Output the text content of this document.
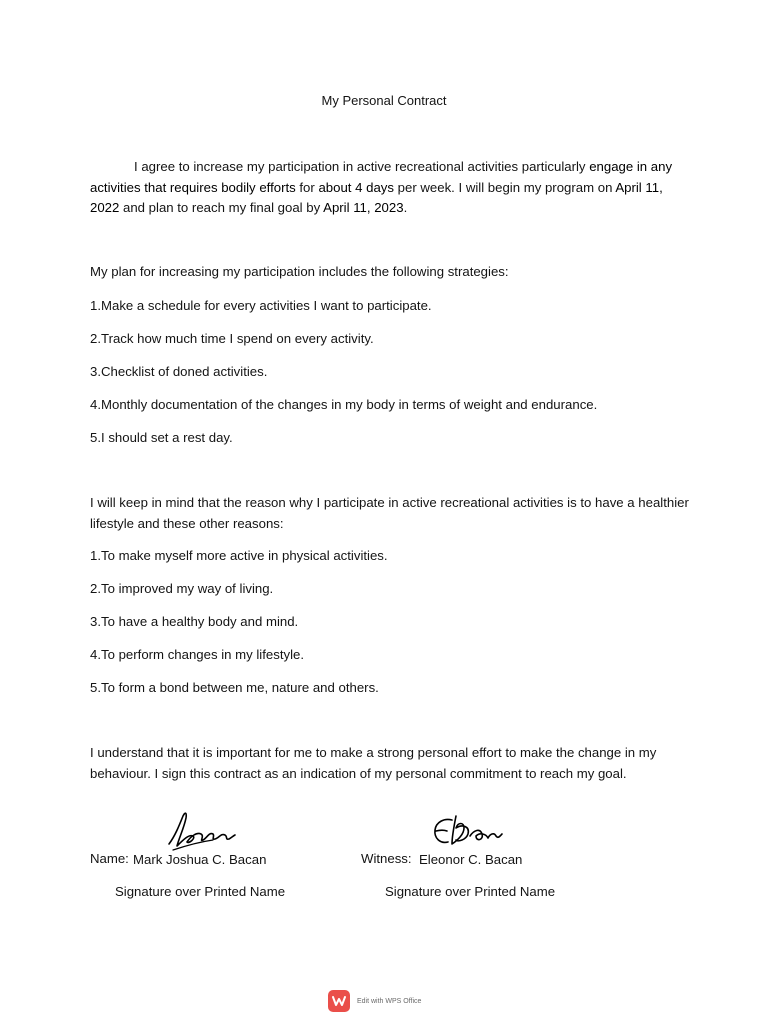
My Personal Contract
I agree to increase my participation in active recreational activities particularly engage in any activities that requires bodily efforts for about 4 days per week. I will begin my program on April 11, 2022 and plan to reach my final goal by April 11, 2023.
My plan for increasing my participation includes the following strategies:
1.Make a schedule for every activities I want to participate.
2.Track how much time I spend on every activity.
3.Checklist of doned activities.
4.Monthly documentation of the changes in my body in terms of weight and endurance.
5.I should set a rest day.
I will keep in mind that the reason why I participate in active recreational activities is to have a healthier lifestyle and these other reasons:
1.To make myself more active in physical activities.
2.To improved my way of living.
3.To have a healthy body and mind.
4.To perform changes in my lifestyle.
5.To form a bond between me, nature and others.
I understand that it is important for me to make a strong personal effort to make the change in my behaviour. I sign this contract as an indication of my personal commitment to reach my goal.
Name: Mark Joshua C. Bacan	Witness: Eleonor C. Bacan
Signature over Printed Name	Signature over Printed Name
Edit with WPS Office
